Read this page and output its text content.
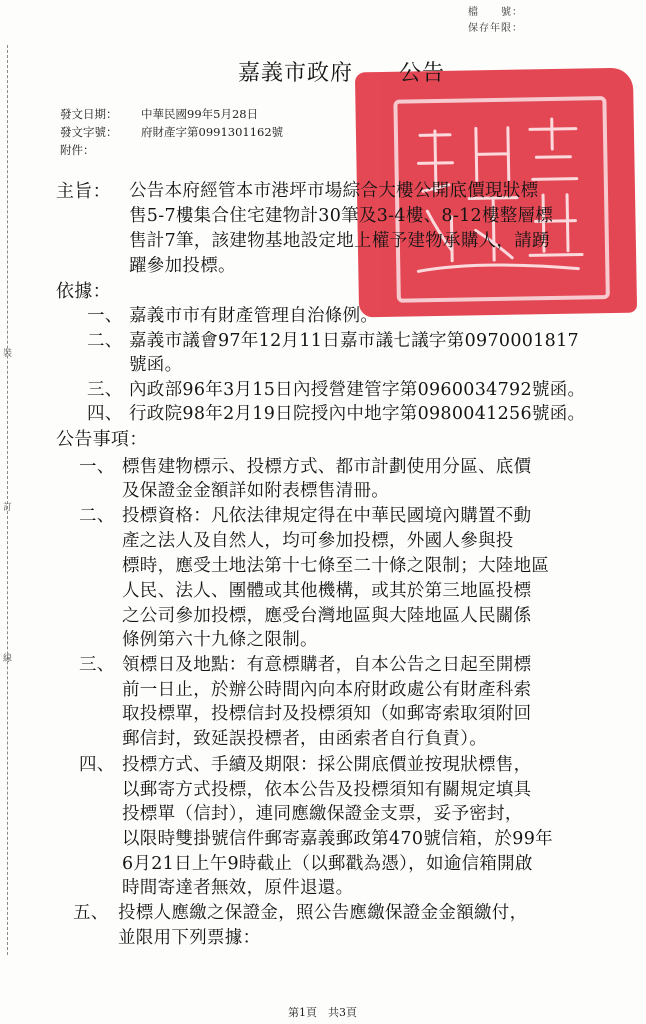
檔　　號：
保存年限：
裝
訂
線
嘉義市政府　　公告
發文日期： 中華民國99年5月28日
發文字號： 府財產字第0991301162號
附件：
主旨： 公告本府經管本市港坪市場綜合大樓公開底價現狀標
售5-7樓集合住宅建物計30筆及3-4樓、8-12樓整層標
售計7筆，該建物基地設定地上權予建物承購人，請踴
躍參加投標。
依據：
一、 嘉義市市有財產管理自治條例。
二、 嘉義市議會97年12月11日嘉市議七議字第0970001817
號函。
三、 內政部96年3月15日內授營建管字第0960034792號函。
四、 行政院98年2月19日院授內中地字第0980041256號函。
公告事項：
一、 標售建物標示、投標方式、都市計劃使用分區、底價
及保證金金額詳如附表標售清冊。
二、 投標資格：凡依法律規定得在中華民國境內購置不動
產之法人及自然人，均可參加投標，外國人參與投
標時，應受土地法第十七條至二十條之限制；大陸地區
人民、法人、團體或其他機構，或其於第三地區投標
之公司參加投標，應受台灣地區與大陸地區人民關係
條例第六十九條之限制。
三、 領標日及地點：有意標購者，自本公告之日起至開標
前一日止，於辦公時間內向本府財政處公有財產科索
取投標單，投標信封及投標須知（如郵寄索取須附回
郵信封，致延誤投標者，由函索者自行負責）。
四、 投標方式、手續及期限：採公開底價並按現狀標售，
以郵寄方式投標，依本公告及投標須知有關規定填具
投標單（信封），連同應繳保證金支票，妥予密封，
以限時雙掛號信件郵寄嘉義郵政第470號信箱，於99年
6月21日上午9時截止（以郵戳為憑），如逾信箱開啟
時間寄達者無效，原件退還。
五、 投標人應繳之保證金，照公告應繳保證金金額繳付，
並限用下列票據：
第1頁　共3頁
